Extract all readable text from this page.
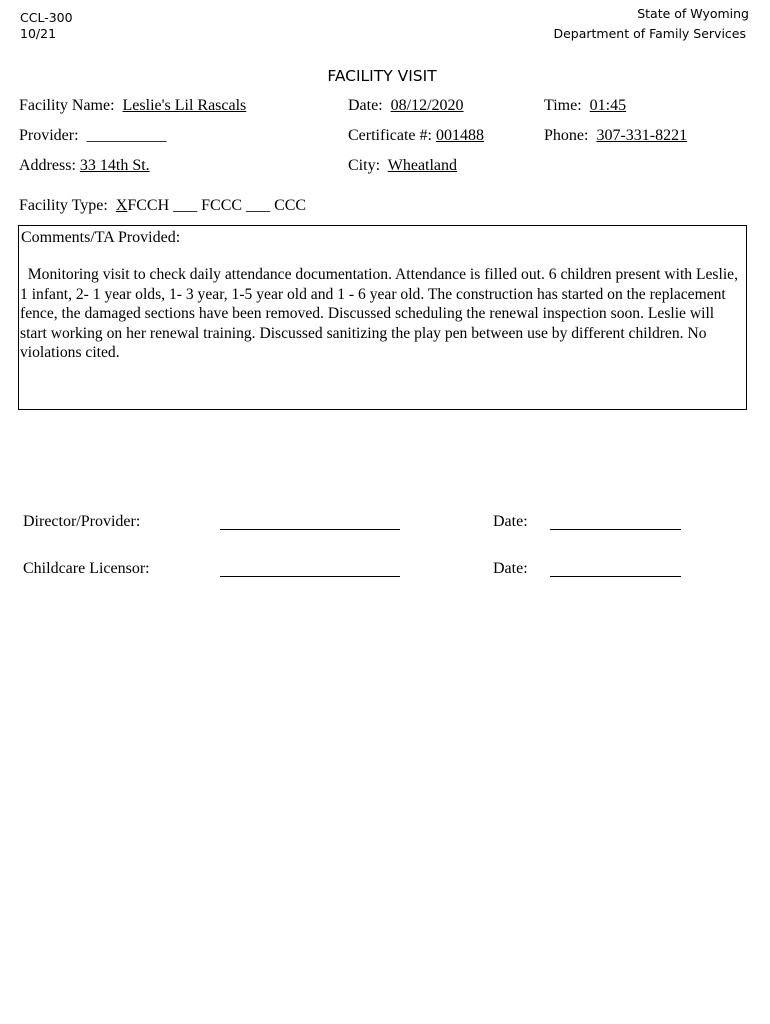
CCL-300
10/21
State of Wyoming
Department of Family Services
FACILITY VISIT
Facility Name: Leslie's Lil Rascals	Date: 08/12/2020	Time: 01:45
Provider: __________	Certificate #: 001488	Phone: 307-331-8221
Address: 33 14th St.	City: Wheatland
Facility Type: XFCCH ___ FCCC ___ CCC
Comments/TA Provided:
Monitoring visit to check daily attendance documentation. Attendance is filled out. 6 children present with Leslie, 1 infant, 2- 1 year olds, 1- 3 year, 1-5 year old and 1 - 6 year old. The construction has started on the replacement fence, the damaged sections have been removed. Discussed scheduling the renewal inspection soon. Leslie will start working on her renewal training. Discussed sanitizing the play pen between use by different children. No violations cited.
Director/Provider:	Date:
Childcare Licensor:	Date:
